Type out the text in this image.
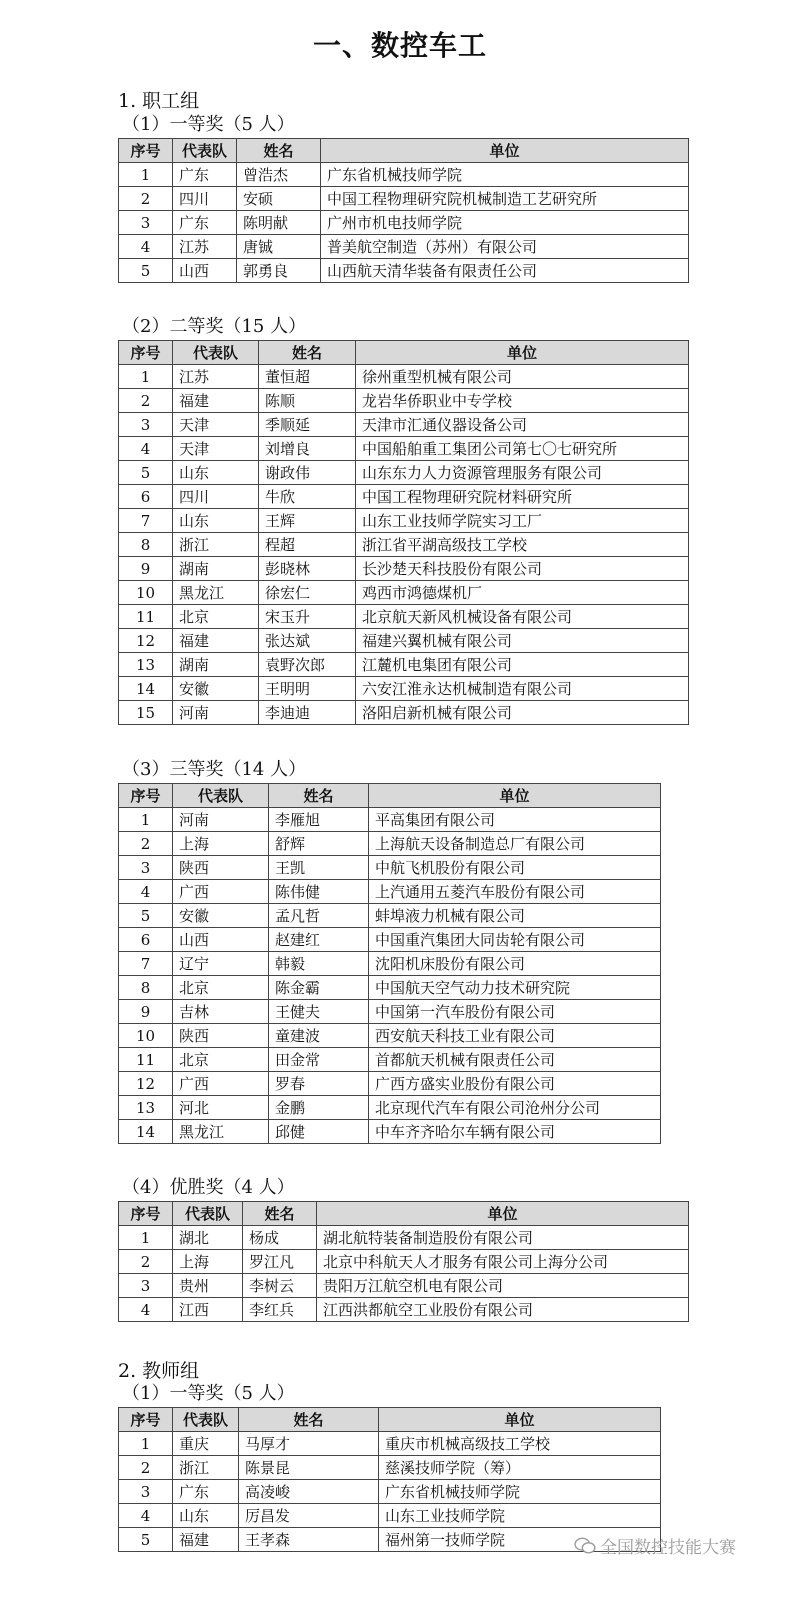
一、数控车工
1. 职工组
（1）一等奖（5 人）
序号	代表队	姓名	单位
1	广东	曾浩杰	广东省机械技师学院
2	四川	安硕	中国工程物理研究院机械制造工艺研究所
3	广东	陈明献	广州市机电技师学院
4	江苏	唐铖	普美航空制造（苏州）有限公司
5	山西	郭勇良	山西航天清华装备有限责任公司
（2）二等奖（15 人）
序号	代表队	姓名	单位
1	江苏	董恒超	徐州重型机械有限公司
2	福建	陈顺	龙岩华侨职业中专学校
3	天津	季顺延	天津市汇通仪器设备公司
4	天津	刘增良	中国船舶重工集团公司第七〇七研究所
5	山东	谢政伟	山东东力人力资源管理服务有限公司
6	四川	牛欣	中国工程物理研究院材料研究所
7	山东	王辉	山东工业技师学院实习工厂
8	浙江	程超	浙江省平湖高级技工学校
9	湖南	彭晓林	长沙楚天科技股份有限公司
10	黑龙江	徐宏仁	鸡西市鸿德煤机厂
11	北京	宋玉升	北京航天新风机械设备有限公司
12	福建	张达斌	福建兴翼机械有限公司
13	湖南	袁野次郎	江麓机电集团有限公司
14	安徽	王明明	六安江淮永达机械制造有限公司
15	河南	李迪迪	洛阳启新机械有限公司
（3）三等奖（14 人）
序号	代表队	姓名	单位
1	河南	李雁旭	平高集团有限公司
2	上海	舒辉	上海航天设备制造总厂有限公司
3	陕西	王凯	中航飞机股份有限公司
4	广西	陈伟健	上汽通用五菱汽车股份有限公司
5	安徽	孟凡哲	蚌埠液力机械有限公司
6	山西	赵建红	中国重汽集团大同齿轮有限公司
7	辽宁	韩毅	沈阳机床股份有限公司
8	北京	陈金霸	中国航天空气动力技术研究院
9	吉林	王健夫	中国第一汽车股份有限公司
10	陕西	童建波	西安航天科技工业有限公司
11	北京	田金常	首都航天机械有限责任公司
12	广西	罗春	广西方盛实业股份有限公司
13	河北	金鹏	北京现代汽车有限公司沧州分公司
14	黑龙江	邱健	中车齐齐哈尔车辆有限公司
（4）优胜奖（4 人）
序号	代表队	姓名	单位
1	湖北	杨成	湖北航特装备制造股份有限公司
2	上海	罗江凡	北京中科航天人才服务有限公司上海分公司
3	贵州	李树云	贵阳万江航空机电有限公司
4	江西	李红兵	江西洪都航空工业股份有限公司
2. 教师组
（1）一等奖（5 人）
序号	代表队	姓名	单位
1	重庆	马厚才	重庆市机械高级技工学校
2	浙江	陈景昆	慈溪技师学院（筹）
3	广东	高凌峻	广东省机械技师学院
4	山东	厉昌发	山东工业技师学院
5	福建	王孝森	福州第一技师学院	全国数控技能大赛
